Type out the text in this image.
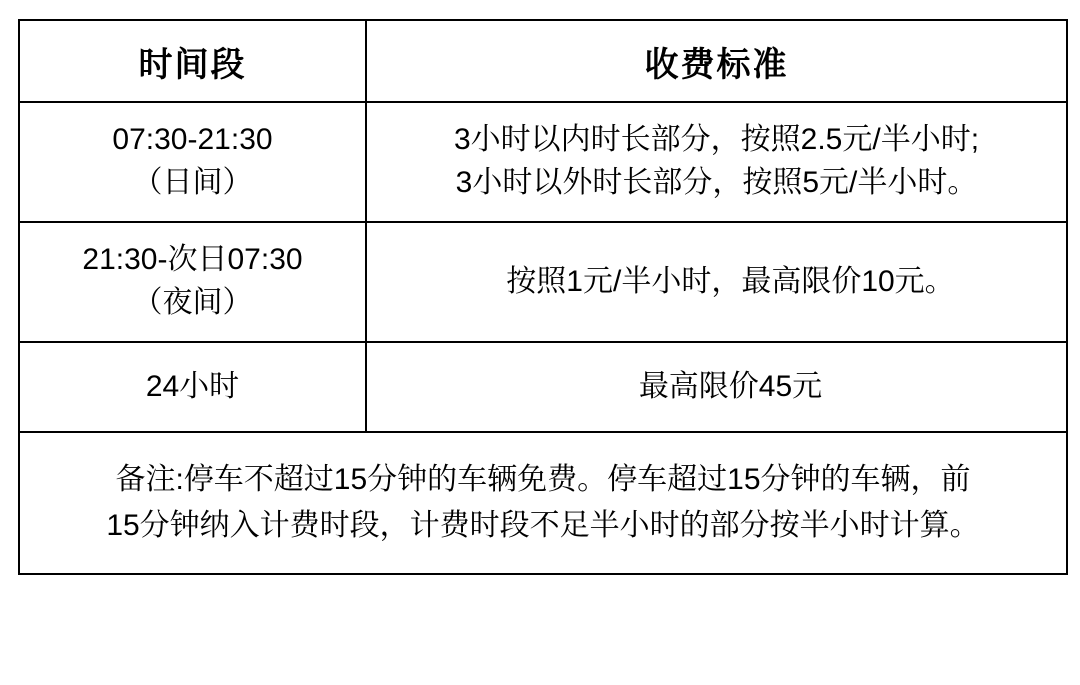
时间段	收费标准

07:30-21:30
（日间）	3小时以内时长部分，按照2.5元/半小时;
3小时以外时长部分，按照5元/半小时。

21:30-次日07:30
（夜间）	按照1元/半小时，最高限价10元。

24小时	最高限价45元

备注:停车不超过15分钟的车辆免费。停车超过15分钟的车辆，前
15分钟纳入计费时段，计费时段不足半小时的部分按半小时计算。	
